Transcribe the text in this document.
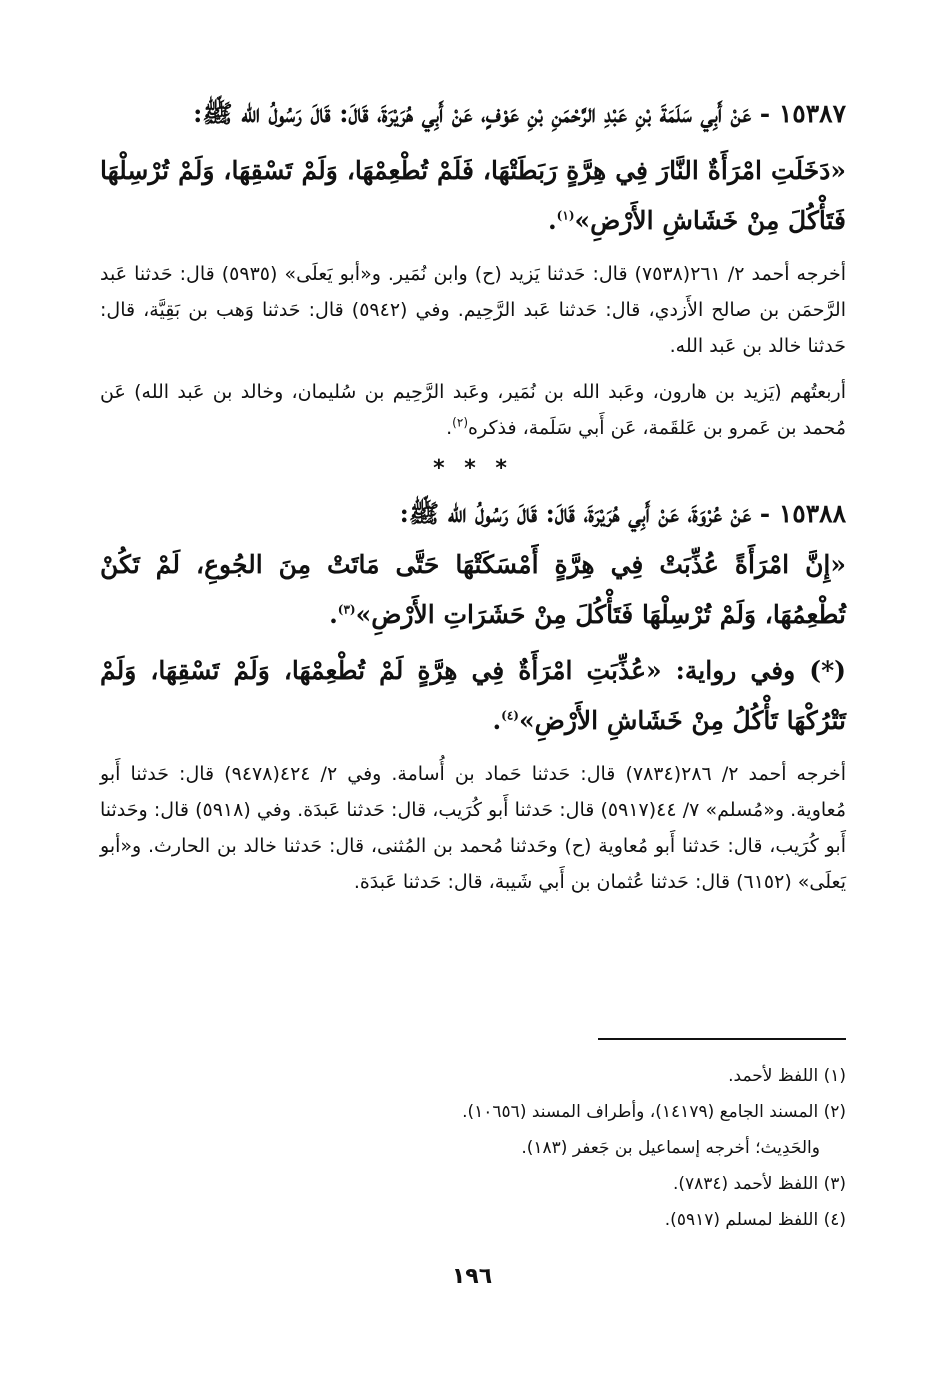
١٥٣٨٧ - عَنْ أَبِي سَلَمَةَ بْنِ عَبْدِ الرَّحْمَنِ بْنِ عَوْفٍ، عَنْ أَبِي هُرَيْرَةَ، قَالَ: قَالَ رَسُولُ الله ﷺ:

«دَخَلَتِ امْرَأَةٌ النَّارَ فِي هِرَّةٍ رَبَطَتْهَا، فَلَمْ تُطْعِمْهَا، وَلَمْ تَسْقِهَا، وَلَمْ تُرْسِلْهَا فَتَأْكُلَ مِنْ خَشَاشِ الأَرْضِ»$^{(١)}$.

أخرجه أحمد ٢/ ٢٦١(٧٥٣٨) قال: حَدثنا يَزيد (ح) وابن نُمَير. و«أبو يَعلَى» (٥٩٣٥) قال: حَدثنا عَبد الرَّحمَن بن صالح الأَزدي، قال: حَدثنا عَبد الرَّحِيم. وفي (٥٩٤٢) قال: حَدثنا وَهب بن بَقِيَّة، قال: حَدثنا خالد بن عَبد الله.

أربعتُهم (يَزيد بن هارون، وعَبد الله بن نُمَير، وعَبد الرَّحِيم بن سُليمان، وخالد بن عَبد الله) عَن مُحمد بن عَمرو بن عَلقَمة، عَن أَبي سَلَمة، فذكره$^{(٢)}$.

* * *

١٥٣٨٨ - عَنْ عُرْوَةَ، عَنْ أَبِي هُرَيْرَةَ، قَالَ: قَالَ رَسُولُ الله ﷺ:

«إِنَّ امْرَأَةً عُذِّبَتْ فِي هِرَّةٍ أَمْسَكَتْهَا حَتَّى مَاتَتْ مِنَ الجُوعِ، لَمْ تَكُنْ تُطْعِمُهَا، وَلَمْ تُرْسِلْهَا فَتَأْكُلَ مِنْ حَشَرَاتِ الأَرْضِ»$^{(٣)}$.

(*) وفي رواية: «عُذِّبَتِ امْرَأَةٌ فِي هِرَّةٍ لَمْ تُطْعِمْهَا، وَلَمْ تَسْقِهَا، وَلَمْ تَتْرُكْهَا تَأْكُلُ مِنْ خَشَاشِ الأَرْضِ»$^{(٤)}$.

أخرجه أحمد ٢/ ٢٨٦(٧٨٣٤) قال: حَدثنا حَماد بن أُسامة. وفي ٢/ ٤٢٤(٩٤٧٨) قال: حَدثنا أَبو مُعاوية. و«مُسلم» ٧/ ٤٤(٥٩١٧) قال: حَدثنا أَبو كُرَيب، قال: حَدثنا عَبدَة. وفي (٥٩١٨) قال: وحَدثنا أَبو كُرَيب، قال: حَدثنا أَبو مُعاوية (ح) وحَدثنا مُحمد بن المُثنى، قال: حَدثنا خالد بن الحارث. و«أبو يَعلَى» (٦١٥٢) قال: حَدثنا عُثمان بن أَبي شَيبة، قال: حَدثنا عَبدَة.

(١) اللفظ لأحمد.

(٢) المسند الجامع (١٤١٧٩)، وأطراف المسند (١٠٦٥٦).

والحَدِيث؛ أخرجه إسماعيل بن جَعفر (١٨٣).

(٣) اللفظ لأحمد (٧٨٣٤).

(٤) اللفظ لمسلم (٥٩١٧).

١٩٦
